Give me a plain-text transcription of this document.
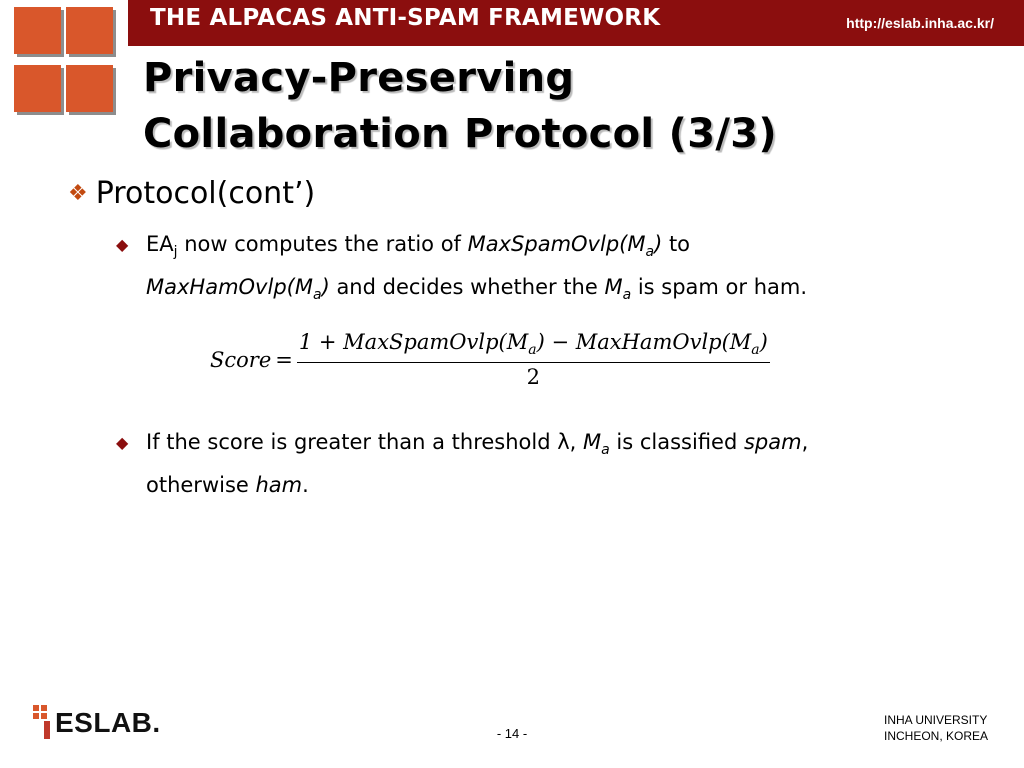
THE ALPACAS ANTI-SPAM FRAMEWORK	http://eslab.inha.ac.kr/
Privacy-Preserving
Collaboration Protocol (3/3)
❖ Protocol(cont’)
◆ $EA_j$ now computes the ratio of $MaxSpamOvlp(M_a)$ to
$MaxHamOvlp(M_a)$ and decides whether the $M_a$ is spam or ham.
Score =
$1 + MaxSpamOvlp(M_a)$ − $MaxHamOvlp(M_a)$
2
◆ If the score is greater than a threshold λ, $M_a$ is classified spam,
otherwise ham.
ESLAB.	- 14 -
INHA UNIVERSITY
INCHEON, KOREA
